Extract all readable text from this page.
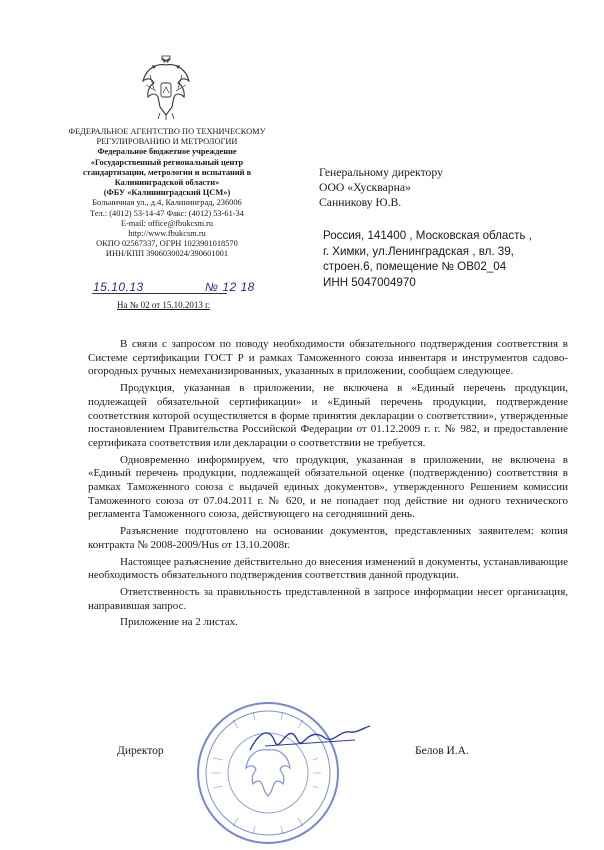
ФЕДЕРАЛЬНОЕ АГЕНТСТВО ПО ТЕХНИЧЕСКОМУ
РЕГУЛИРОВАНИЮ И МЕТРОЛОГИИ
Федеральное бюджетное учреждение
«Государственный региональный центр
стандартизации, метрологии и испытаний в
Калининградской области»
(ФБУ «Калининградский ЦСМ»)
Больничная ул., д.4, Калининград, 236006
Тел.: (4012) 53-14-47 Факс: (4012) 53-61-34
E-mail: office@fbukcsm.ru
http://www.fbukcsm.ru
ОКПО 02567337, ОГРН 1023901018570
ИНН/КПП 3906030024/390601001
15.10.13	№ 12 18
На № 02 от 15.10.2013 г.
Генеральному директору
ООО «Хускварна»
Санникову Ю.В.
Россия, 141400 , Московская область ,
г. Химки, ул.Ленинградская , вл. 39,
строен.6, помещение № ОВ02_04
ИНН 5047004970

В связи с запросом по поводу необходимости обязательного подтверждения соответствия в Системе сертификации ГОСТ Р и рамках Таможенного союза инвентаря и инструментов садово-огородных ручных немеханизированных, указанных в приложении, сообщаем следующее.

Продукция, указанная в приложении, не включена в «Единый перечень продукции, подлежащей обязательной сертификации» и «Единый перечень продукции, подтверждение соответствия которой осуществляется в форме принятия декларации о соответствии», утвержденные постановлением Правительства Российской Федерации от 01.12.2009 г. г. № 982, и предоставление сертификата соответствия или декларации о соответствии не требуется.

Одновременно информируем, что продукция, указанная в приложении, не включена в «Единый перечень продукции, подлежащей обязательной оценке (подтверждению) соответствия в рамках Таможенного союза с выдачей единых документов», утвержденного Решением комиссии Таможенного союза от 07.04.2011 г. № 620, и не попадает под действие ни одного технического регламента Таможенного союза, действующего на сегодняшний день.

Разъяснение подготовлено на основании документов, представленных заявителем: копия контракта № 2008-2009/Hus от 13.10.2008г.

Настоящее разъяснение действительно до внесения изменений в документы, устанавливающие необходимость обязательного подтверждения соответствия данной продукции.

Ответственность за правильность представленной в запросе информации несет организация, направившая запрос.

Приложение на 2 листах.

Директор	Белов И.А.
